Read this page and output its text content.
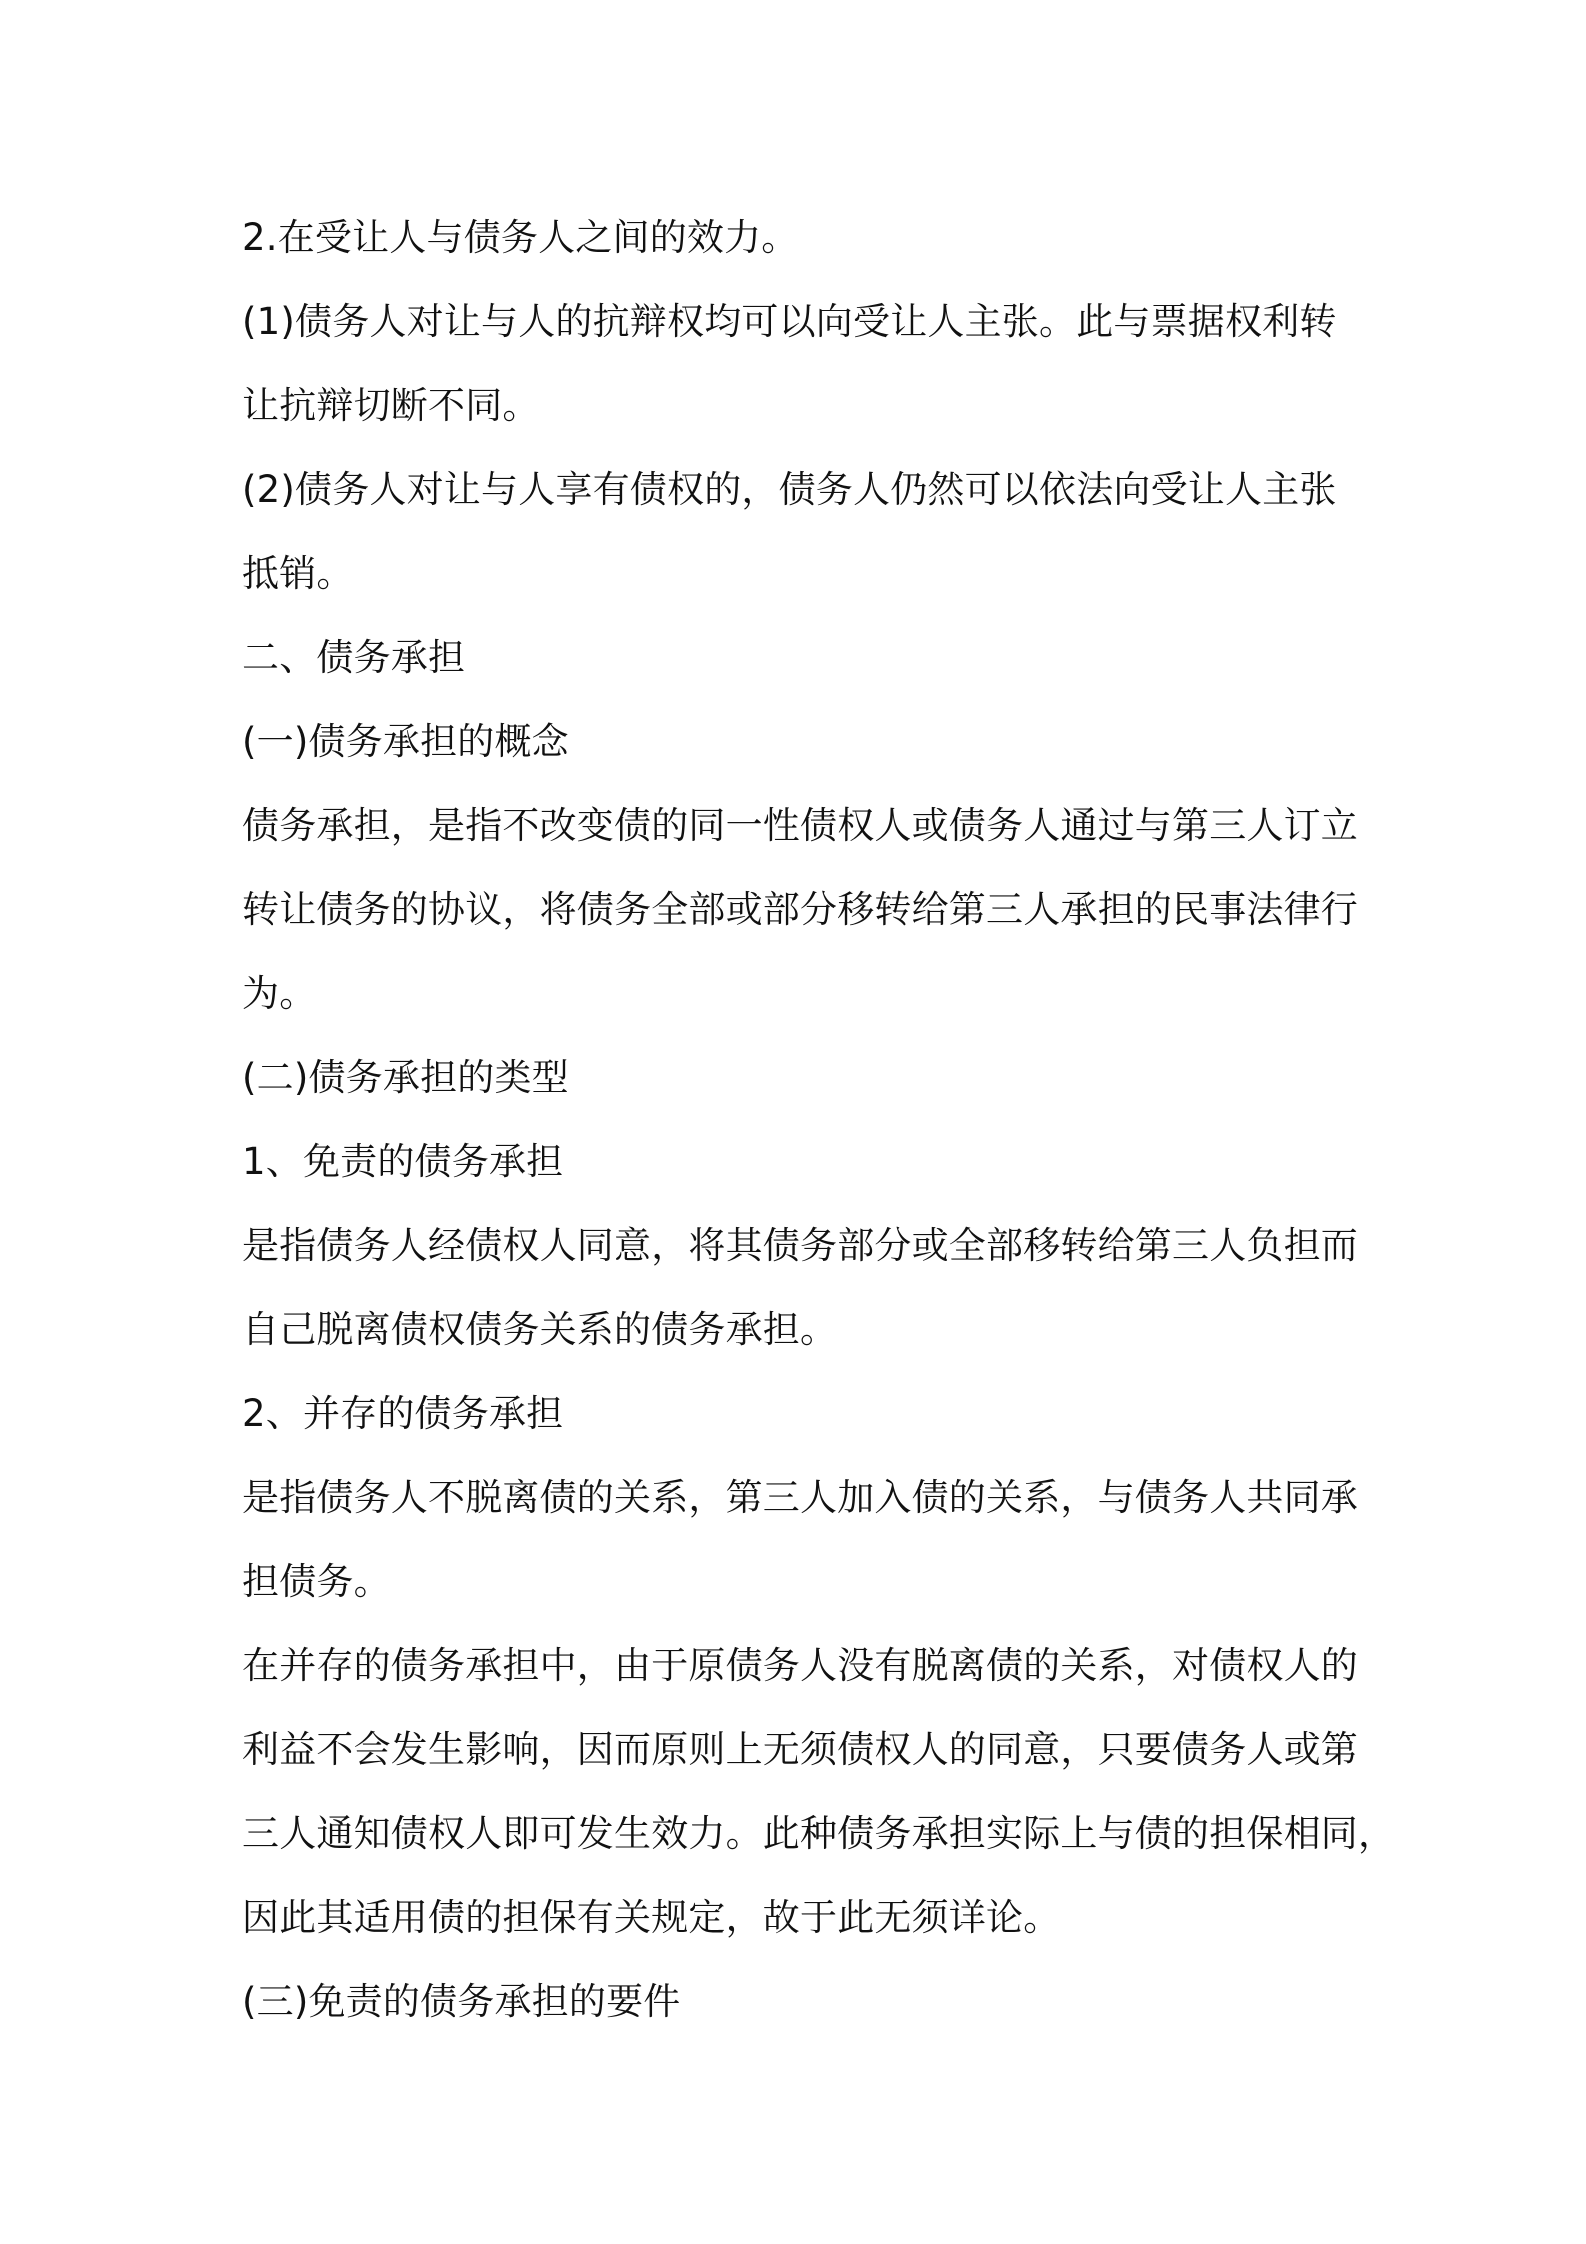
2.在受让人与债务人之间的效力。
(1)债务人对让与人的抗辩权均可以向受让人主张。此与票据权利转
让抗辩切断不同。
(2)债务人对让与人享有债权的，债务人仍然可以依法向受让人主张
抵销。
二、债务承担
(一)债务承担的概念
债务承担，是指不改变债的同一性债权人或债务人通过与第三人订立
转让债务的协议，将债务全部或部分移转给第三人承担的民事法律行
为。
(二)债务承担的类型
1、免责的债务承担
是指债务人经债权人同意，将其债务部分或全部移转给第三人负担而
自己脱离债权债务关系的债务承担。
2、并存的债务承担
是指债务人不脱离债的关系，第三人加入债的关系，与债务人共同承
担债务。
在并存的债务承担中，由于原债务人没有脱离债的关系，对债权人的
利益不会发生影响，因而原则上无须债权人的同意，只要债务人或第
三人通知债权人即可发生效力。此种债务承担实际上与债的担保相同，
因此其适用债的担保有关规定，故于此无须详论。
(三)免责的债务承担的要件
